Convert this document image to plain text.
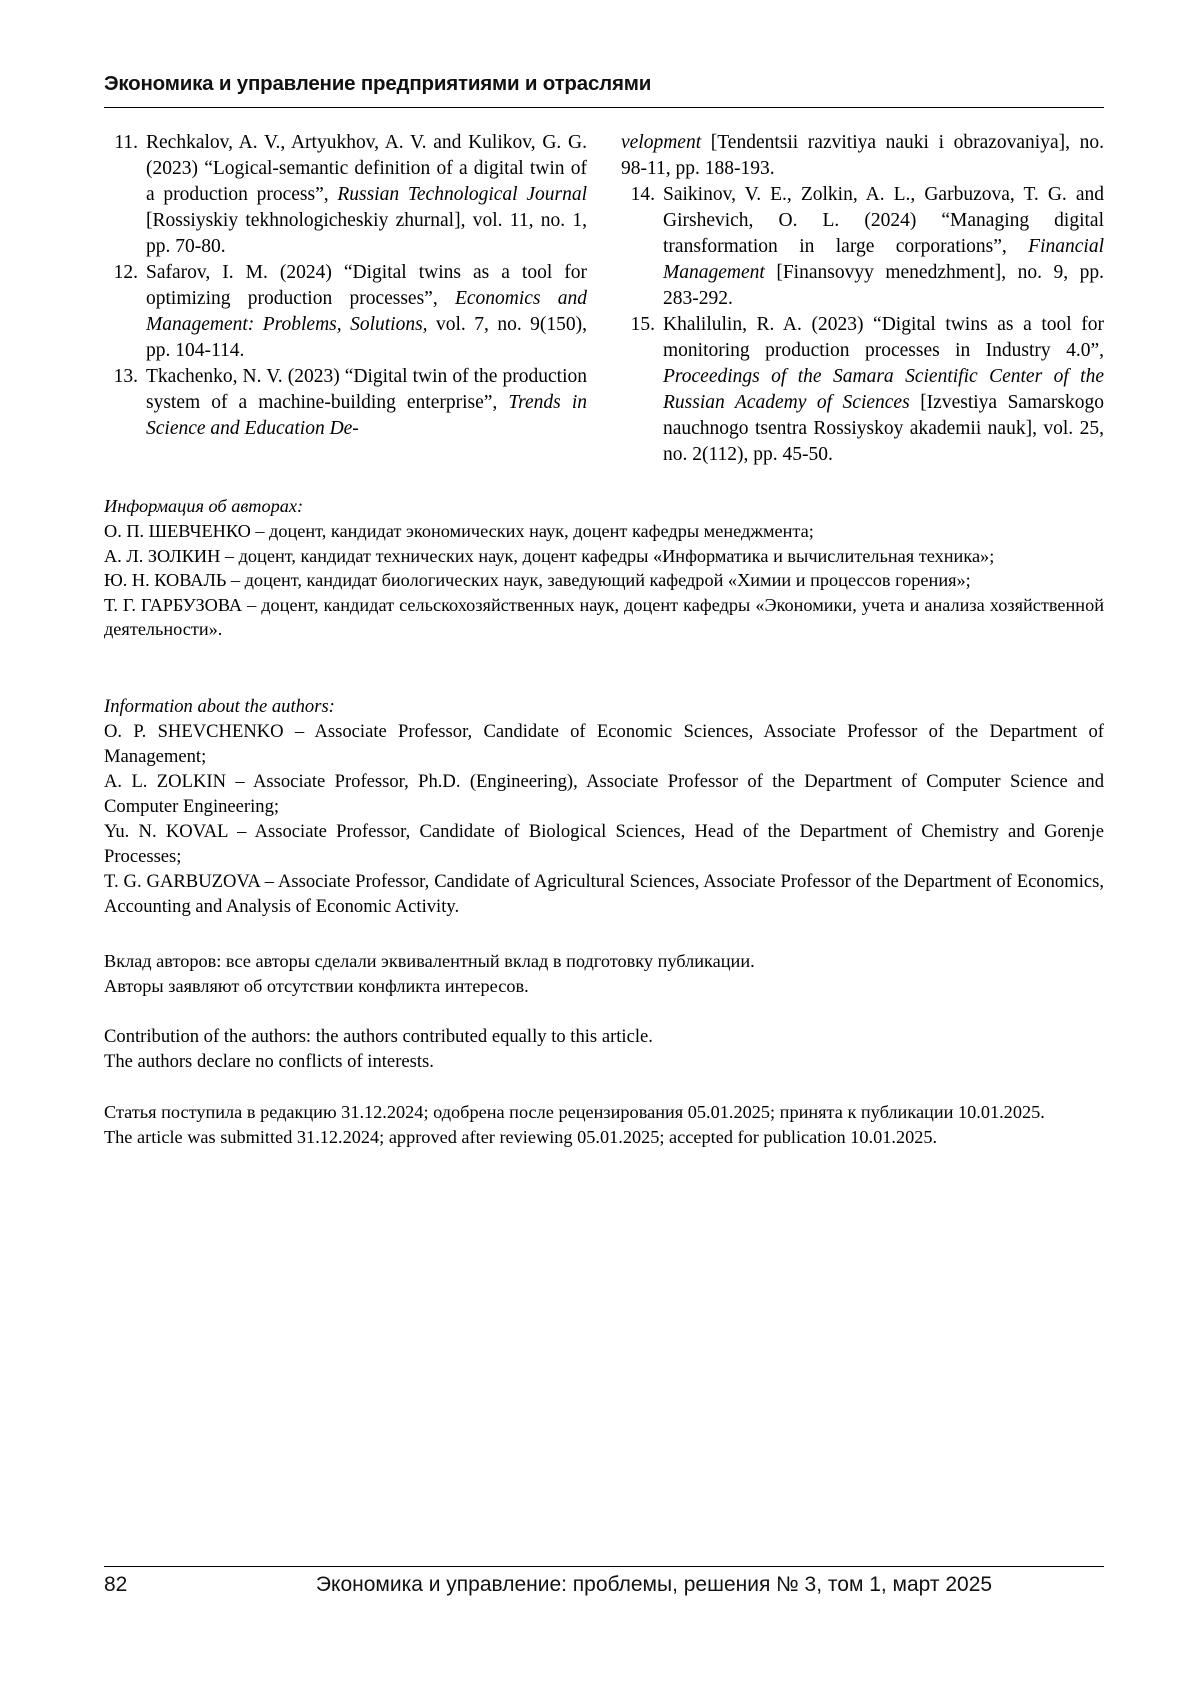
Экономика и управление предприятиями и отраслями
11. Rechkalov, A. V., Artyukhov, A. V. and Kulikov, G. G. (2023) “Logical-semantic definition of a digital twin of a production process”, Russian Technological Journal [Rossiyskiy tekhnologicheskiy zhurnal], vol. 11, no. 1, pp. 70-80.
12. Safarov, I. M. (2024) “Digital twins as a tool for optimizing production processes”, Economics and Management: Problems, Solutions, vol. 7, no. 9(150), pp. 104-114.
13. Tkachenko, N. V. (2023) “Digital twin of the production system of a machine-building enterprise”, Trends in Science and Education De-
velopment [Tendentsii razvitiya nauki i obrazovaniya], no. 98-11, pp. 188-193.
14. Saikinov, V. E., Zolkin, A. L., Garbuzova, T. G. and Girshevich, O. L. (2024) “Managing digital transformation in large corporations”, Financial Management [Finansovyy menedzhment], no. 9, pp. 283-292.
15. Khalilulin, R. A. (2023) “Digital twins as a tool for monitoring production processes in Industry 4.0”, Proceedings of the Samara Scientific Center of the Russian Academy of Sciences [Izvestiya Samarskogo nauchnogo tsentra Rossiyskoy akademii nauk], vol. 25, no. 2(112), pp. 45-50.

Информация об авторах:

О. П. ШЕВЧЕНКО – доцент, кандидат экономических наук, доцент кафедры менеджмента;

А. Л. ЗОЛКИН – доцент, кандидат технических наук, доцент кафедры «Информатика и вычислительная техника»;

Ю. Н. КОВАЛЬ – доцент, кандидат биологических наук, заведующий кафедрой «Химии и процессов горения»;

Т. Г. ГАРБУЗОВА – доцент, кандидат сельскохозяйственных наук, доцент кафедры «Экономики, учета и анализа хозяйственной деятельности».

Information about the authors:

O. P. SHEVCHENKO – Associate Professor, Candidate of Economic Sciences, Associate Professor of the Department of Management;

A. L. ZOLKIN – Associate Professor, Ph.D. (Engineering), Associate Professor of the Department of Computer Science and Computer Engineering;

Yu. N. KOVAL – Associate Professor, Candidate of Biological Sciences, Head of the Department of Chemistry and Gorenje Processes;

T. G. GARBUZOVA – Associate Professor, Candidate of Agricultural Sciences, Associate Professor of the Department of Economics, Accounting and Analysis of Economic Activity.

Вклад авторов: все авторы сделали эквивалентный вклад в подготовку публикации.

Авторы заявляют об отсутствии конфликта интересов.

Contribution of the authors: the authors contributed equally to this article.

The authors declare no conflicts of interests.

Статья поступила в редакцию 31.12.2024; одобрена после рецензирования 05.01.2025; принята к публикации 10.01.2025.

The article was submitted 31.12.2024; approved after reviewing 05.01.2025; accepted for publication 10.01.2025.

82	Экономика и управление: проблемы, решения № 3, том 1, март 2025
